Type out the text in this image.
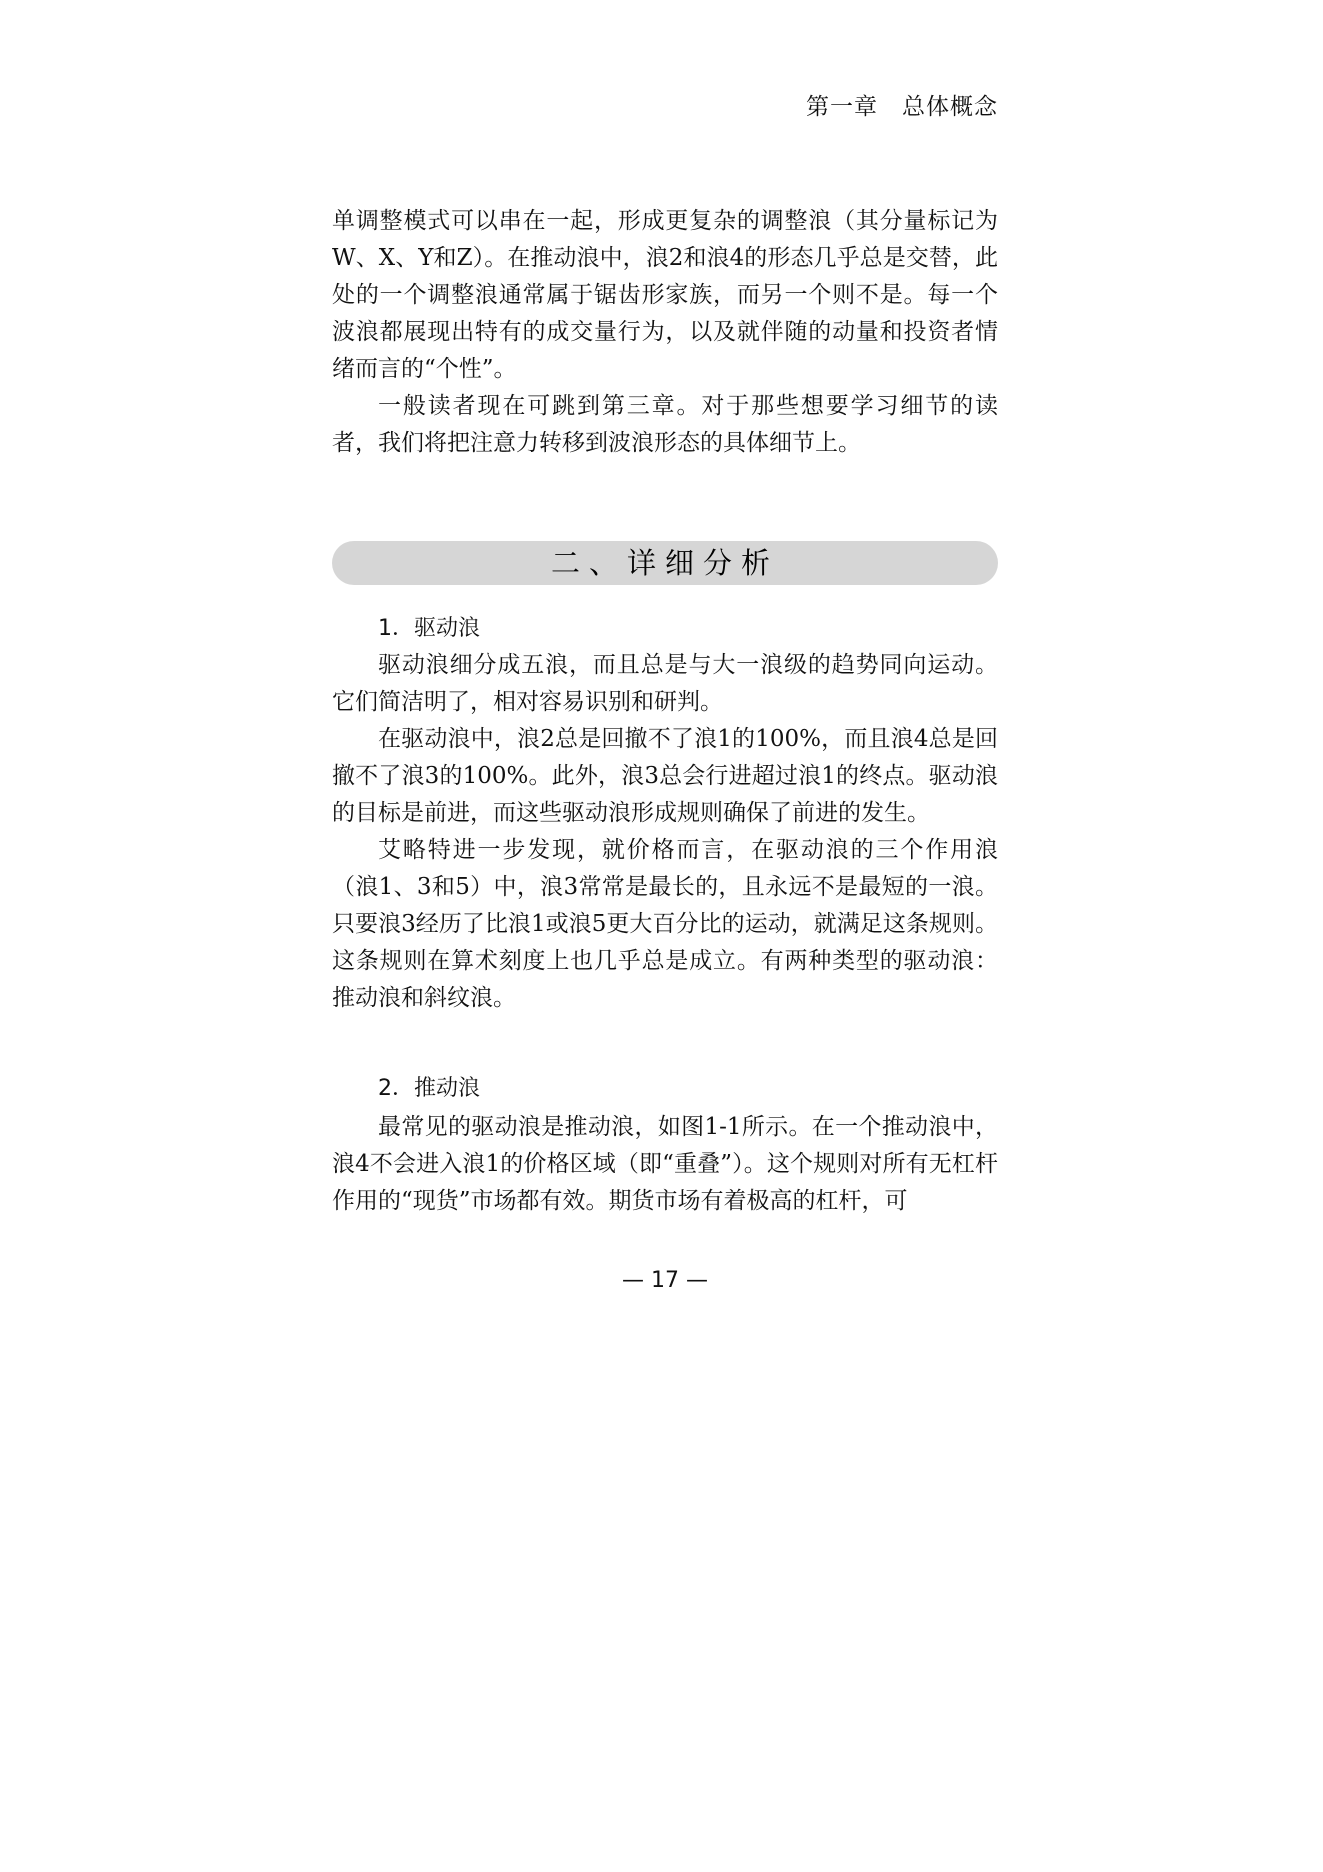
第一章　总体概念

单调整模式可以串在一起，形成更复杂的调整浪（其分量标记为W、X、Y和Z）。在推动浪中，浪2和浪4的形态几乎总是交替，此处的一个调整浪通常属于锯齿形家族，而另一个则不是。每一个波浪都展现出特有的成交量行为，以及就伴随的动量和投资者情绪而言的“个性”。

一般读者现在可跳到第三章。对于那些想要学习细节的读者，我们将把注意力转移到波浪形态的具体细节上。

二、详细分析
1．驱动浪

驱动浪细分成五浪，而且总是与大一浪级的趋势同向运动。它们简洁明了，相对容易识别和研判。

在驱动浪中，浪2总是回撤不了浪1的100%，而且浪4总是回撤不了浪3的100%。此外，浪3总会行进超过浪1的终点。驱动浪的目标是前进，而这些驱动浪形成规则确保了前进的发生。

艾略特进一步发现，就价格而言，在驱动浪的三个作用浪（浪1、3和5）中，浪3常常是最长的，且永远不是最短的一浪。只要浪3经历了比浪1或浪5更大百分比的运动，就满足这条规则。这条规则在算术刻度上也几乎总是成立。有两种类型的驱动浪：推动浪和斜纹浪。

2．推动浪

最常见的驱动浪是推动浪，如图1-1所示。在一个推动浪中，浪4不会进入浪1的价格区域（即“重叠”）。这个规则对所有无杠杆作用的“现货”市场都有效。期货市场有着极高的杠杆，可

— 17 —
